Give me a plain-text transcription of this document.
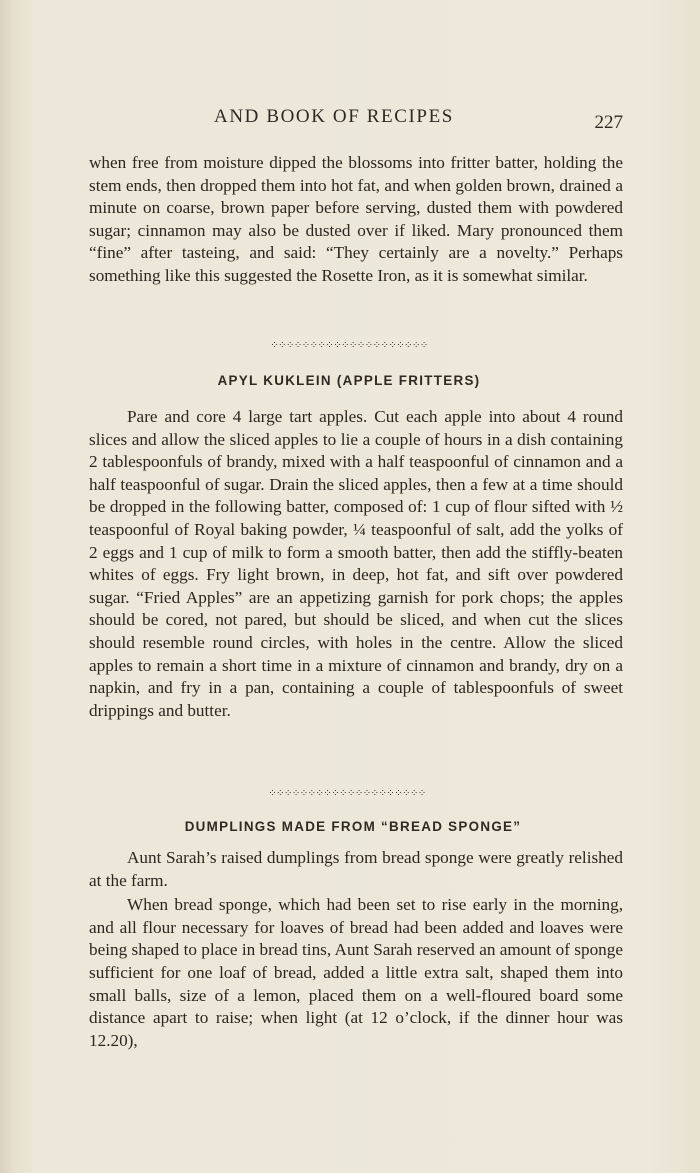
AND BOOK OF RECIPES	227

when free from moisture dipped the blossoms into fritter batter, holding the stem ends, then dropped them into hot fat, and when golden brown, drained a minute on coarse, brown paper before serving, dusted them with powdered sugar; cinnamon may also be dusted over if liked. Mary pronounced them “fine” after tasteing, and said: “They certainly are a novelty.” Perhaps something like this suggested the Rosette Iron, as it is somewhat similar.

⁘⁘⁘⁘⁘⁘⁘⁘⁘⁘⁘⁘⁘⁘⁘⁘⁘⁘⁘⁘
APYL KUKLEIN (APPLE FRITTERS)

Pare and core 4 large tart apples. Cut each apple into about 4 round slices and allow the sliced apples to lie a couple of hours in a dish containing 2 tablespoonfuls of brandy, mixed with a half teaspoonful of cinnamon and a half teaspoonful of sugar. Drain the sliced apples, then a few at a time should be dropped in the following batter, composed of: 1 cup of flour sifted with ½ teaspoonful of Royal baking powder, ¼ teaspoonful of salt, add the yolks of 2 eggs and 1 cup of milk to form a smooth batter, then add the stiffly-beaten whites of eggs. Fry light brown, in deep, hot fat, and sift over powdered sugar. “Fried Apples” are an appetizing garnish for pork chops; the apples should be cored, not pared, but should be sliced, and when cut the slices should resemble round circles, with holes in the centre. Allow the sliced apples to remain a short time in a mixture of cinnamon and brandy, dry on a napkin, and fry in a pan, containing a couple of tablespoonfuls of sweet drippings and butter.

⁘⁘⁘⁘⁘⁘⁘⁘⁘⁘⁘⁘⁘⁘⁘⁘⁘⁘⁘⁘
DUMPLINGS MADE FROM “BREAD SPONGE”

Aunt Sarah’s raised dumplings from bread sponge were greatly relished at the farm.

When bread sponge, which had been set to rise early in the morning, and all flour necessary for loaves of bread had been added and loaves were being shaped to place in bread tins, Aunt Sarah reserved an amount of sponge sufficient for one loaf of bread, added a little extra salt, shaped them into small balls, size of a lemon, placed them on a well-floured board some distance apart to raise; when light (at 12 o’clock, if the dinner hour was 12.20),
